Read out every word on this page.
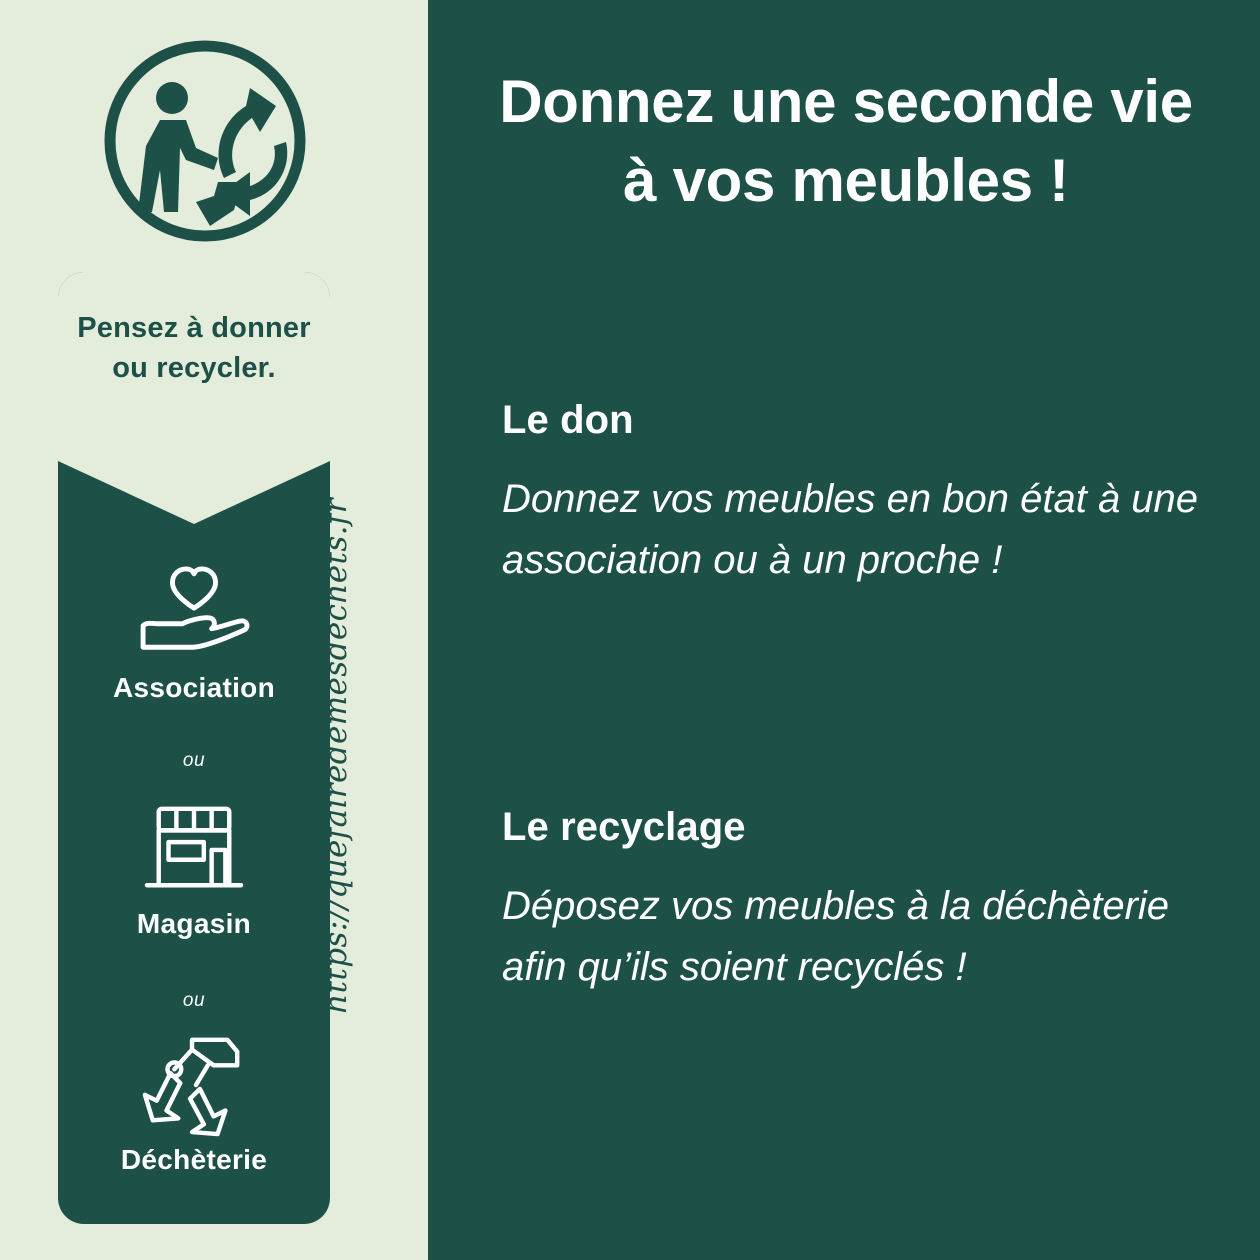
Pensez à donner ou recycler.
Association
ou
Magasin
ou
Déchèterie
https://quefairedemesdechets.fr
Donnez une seconde vie
à vos meubles !
Le don

Donnez vos meubles en bon état à une association ou à un proche !

Le recyclage

Déposez vos meubles à la déchèterie afin qu’ils soient recyclés !
